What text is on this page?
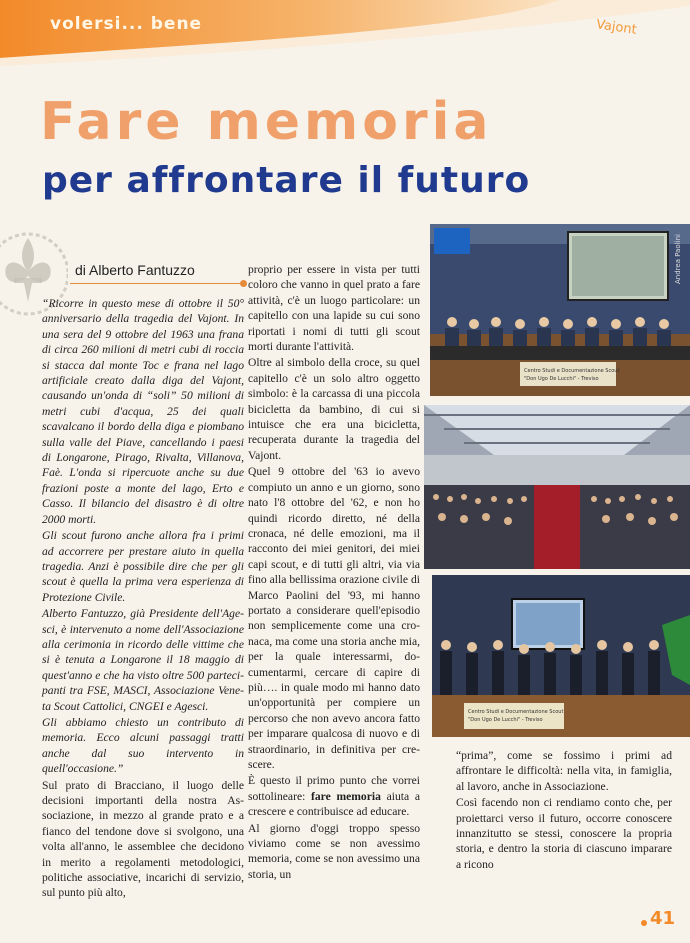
volersi... bene	Vajont
Fare memoria
per affrontare il futuro
di Alberto Fantuzzo

“Ricorre in questo mese di ottobre il 50° anniversario della tragedia del Vajont. In una sera del 9 ottobre del 1963 una frana di circa 260 milioni di metri cubi di roccia si stacca dal monte Toc e frana nel lago artificiale creato dalla diga del Vajont, causando un'onda di “soli” 50 milioni di metri cubi d'acqua, 25 dei quali scavalcano il bordo della diga e piombano sulla valle del Piave, cancellando i paesi di Longarone, Pirago, Rivalta, Villanova, Faè. L'onda si ripercuote anche su due frazioni poste a monte del lago, Erto e Casso. Il bilancio del disastro è di oltre 2000 morti.

Gli scout furono anche allora fra i primi ad accorrere per prestare aiuto in quella tragedia. Anzi è possibile dire che per gli scout è quella la prima vera esperienza di Protezione Civile.

Alberto Fantuzzo, già Presidente dell'Agesci, è intervenuto a nome dell'Associazione alla cerimonia in ricordo delle vittime che si è tenuta a Longarone il 18 maggio di quest'anno e che ha visto oltre 500 partecipanti tra FSE, MASCI, Associazione Veneta Scout Cattolici, CNGEI e Agesci.

Gli abbiamo chiesto un contributo di memoria. Ecco alcuni passaggi tratti anche dal suo intervento in quell'occasione.”

Sul prato di Bracciano, il luogo delle decisioni importanti della nostra Associazione, in mezzo al grande prato e a fianco del tendone dove si svolgono, una volta all'anno, le assemblee che decidono in merito a regolamenti metodologici, politiche associative, incarichi di servizio, sul punto più alto,

proprio per essere in vista per tutti coloro che vanno in quel prato a fare attività, c'è un luogo particolare: un capitello con una lapide su cui sono riportati i nomi di tutti gli scout morti durante l'attività.

Oltre al simbolo della croce, su quel capitello c'è un solo altro oggetto simbolo: è la carcassa di una piccola bicicletta da bambino, di cui si intuisce che era una bicicletta, recuperata durante la tragedia del Vajont.

Quel 9 ottobre del '63 io avevo compiuto un anno e un giorno, sono nato l'8 ottobre del '62, e non ho quindi ricordo diretto, né della cronaca, né delle emozioni, ma il racconto dei miei genitori, dei miei capi scout, e di tutti gli altri, via via fino alla bellissima orazione civile di Marco Paolini del '93, mi hanno portato a considerare quell'episodio non semplicemente come una cronaca, ma come una storia anche mia, per la quale interessarmi, documentarmi, cercare di capire di più…. in quale modo mi hanno dato un'opportunità per compiere un percorso che non avevo ancora fatto per imparare qualcosa di nuovo e di straordinario, in definitiva per crescere.

È questo il primo punto che vorrei sottolineare: fare memoria aiuta a crescere e contribuisce ad educare.

Al giorno d'oggi troppo spesso viviamo come se non avessimo memoria, come se non avessimo una storia, un

“prima”, come se fossimo i primi ad affrontare le difficoltà: nella vita, in famiglia, al lavoro, anche in Associazione.

Così facendo non ci rendiamo conto che, per proiettarci verso il futuro, occorre conoscere innanzitutto se stessi, conoscere la propria storia, e dentro la storia di ciascuno imparare a ricono

Centro Studi e Documentazione Scout
"Don Ugo De Lucchi" - Treviso
Andrea Paolini
Centro Studi e Documentazione Scout
"Don Ugo De Lucchi" - Treviso
41
